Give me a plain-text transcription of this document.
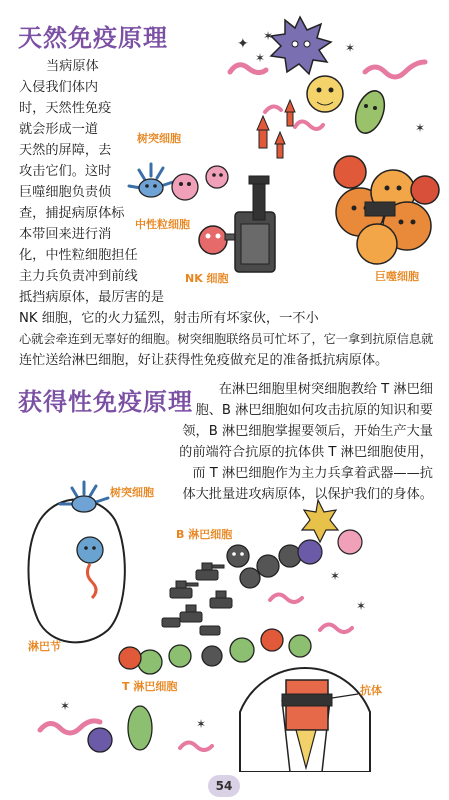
天然免疫原理
当病原体
入侵我们体内
时，天然性免疫
就会形成一道
天然的屏障，去
攻击它们。这时
巨噬细胞负责侦
查，捕捉病原体标
本带回来进行消
化，中性粒细胞担任
主力兵负责冲到前线
抵挡病原体，最厉害的是
NK 细胞，它的火力猛烈，射击所有坏家伙，一不小
心就会牵连到无辜好的细胞。树突细胞联络员可忙坏了，它一拿到抗原信息就
连忙送给淋巴细胞，好让获得性免疫做充足的准备抵抗病原体。
✦
✶
✶
✶
✶
树突细胞
中性粒细胞
NK 细胞	巨噬细胞
获得性免疫原理 在淋巴细胞里树突细胞教给 T 淋巴细
胞、B 淋巴细胞如何攻击抗原的知识和要
领，B 淋巴细胞掌握要领后，开始生产大量
的前端符合抗原的抗体供 T 淋巴细胞使用，
而 T 淋巴细胞作为主力兵拿着武器——抗
体大批量进攻病原体，以保护我们的身体。
✶
✶
✶
✶
树突细胞
B 淋巴细胞
淋巴节
T 淋巴细胞	抗体
54
